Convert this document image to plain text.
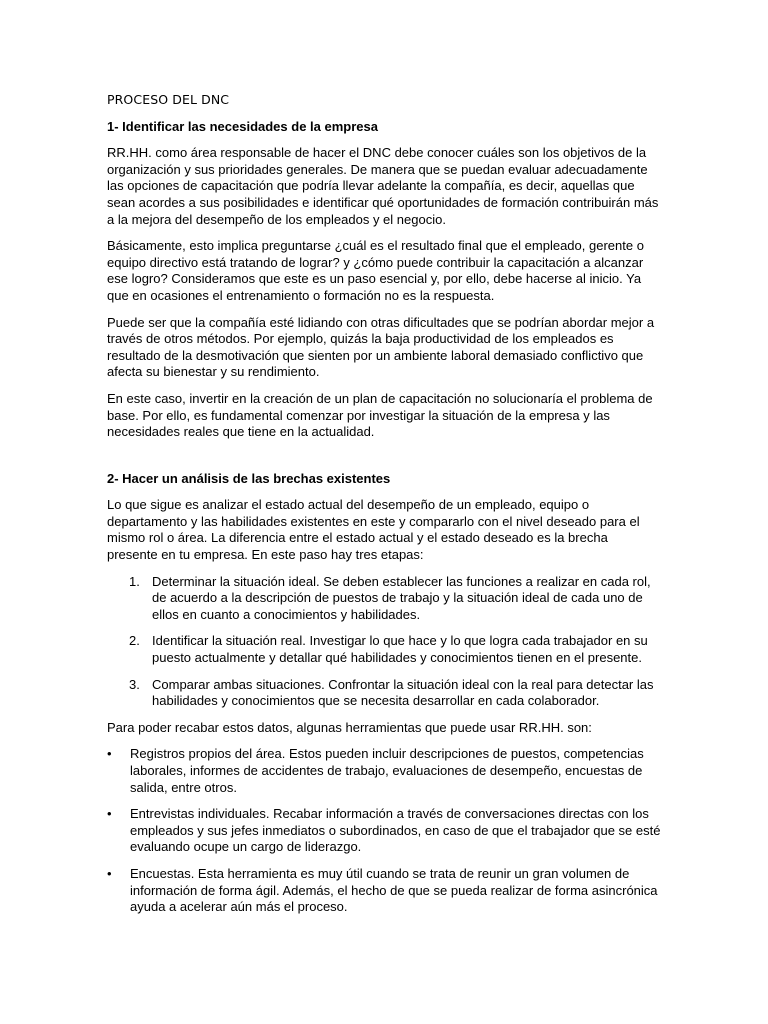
PROCESO DEL DNC
1- Identificar las necesidades de la empresa

RR.HH. como área responsable de hacer el DNC debe conocer cuáles son los objetivos de la organización y sus prioridades generales. De manera que se puedan evaluar adecuadamente las opciones de capacitación que podría llevar adelante la compañía, es decir, aquellas que sean acordes a sus posibilidades e identificar qué oportunidades de formación contribuirán más a la mejora del desempeño de los empleados y el negocio.

Básicamente, esto implica preguntarse ¿cuál es el resultado final que el empleado, gerente o equipo directivo está tratando de lograr? y ¿cómo puede contribuir la capacitación a alcanzar ese logro? Consideramos que este es un paso esencial y, por ello, debe hacerse al inicio. Ya que en ocasiones el entrenamiento o formación no es la respuesta.

Puede ser que la compañía esté lidiando con otras dificultades que se podrían abordar mejor a través de otros métodos. Por ejemplo, quizás la baja productividad de los empleados es resultado de la desmotivación que sienten por un ambiente laboral demasiado conflictivo que afecta su bienestar y su rendimiento.

En este caso, invertir en la creación de un plan de capacitación no solucionaría el problema de base. Por ello, es fundamental comenzar por investigar la situación de la empresa y las necesidades reales que tiene en la actualidad.

2- Hacer un análisis de las brechas existentes

Lo que sigue es analizar el estado actual del desempeño de un empleado, equipo o departamento y las habilidades existentes en este y compararlo con el nivel deseado para el mismo rol o área. La diferencia entre el estado actual y el estado deseado es la brecha presente en tu empresa. En este paso hay tres etapas:

1. Determinar la situación ideal. Se deben establecer las funciones a realizar en cada rol, de acuerdo a la descripción de puestos de trabajo y la situación ideal de cada uno de ellos en cuanto a conocimientos y habilidades.
2. Identificar la situación real. Investigar lo que hace y lo que logra cada trabajador en su puesto actualmente y detallar qué habilidades y conocimientos tienen en el presente.
3. Comparar ambas situaciones. Confrontar la situación ideal con la real para detectar las habilidades y conocimientos que se necesita desarrollar en cada colaborador.

Para poder recabar estos datos, algunas herramientas que puede usar RR.HH. son:

• Registros propios del área. Estos pueden incluir descripciones de puestos, competencias laborales, informes de accidentes de trabajo, evaluaciones de desempeño, encuestas de salida, entre otros.
• Entrevistas individuales. Recabar información a través de conversaciones directas con los empleados y sus jefes inmediatos o subordinados, en caso de que el trabajador que se esté evaluando ocupe un cargo de liderazgo.
• Encuestas. Esta herramienta es muy útil cuando se trata de reunir un gran volumen de información de forma ágil. Además, el hecho de que se pueda realizar de forma asincrónica ayuda a acelerar aún más el proceso.
